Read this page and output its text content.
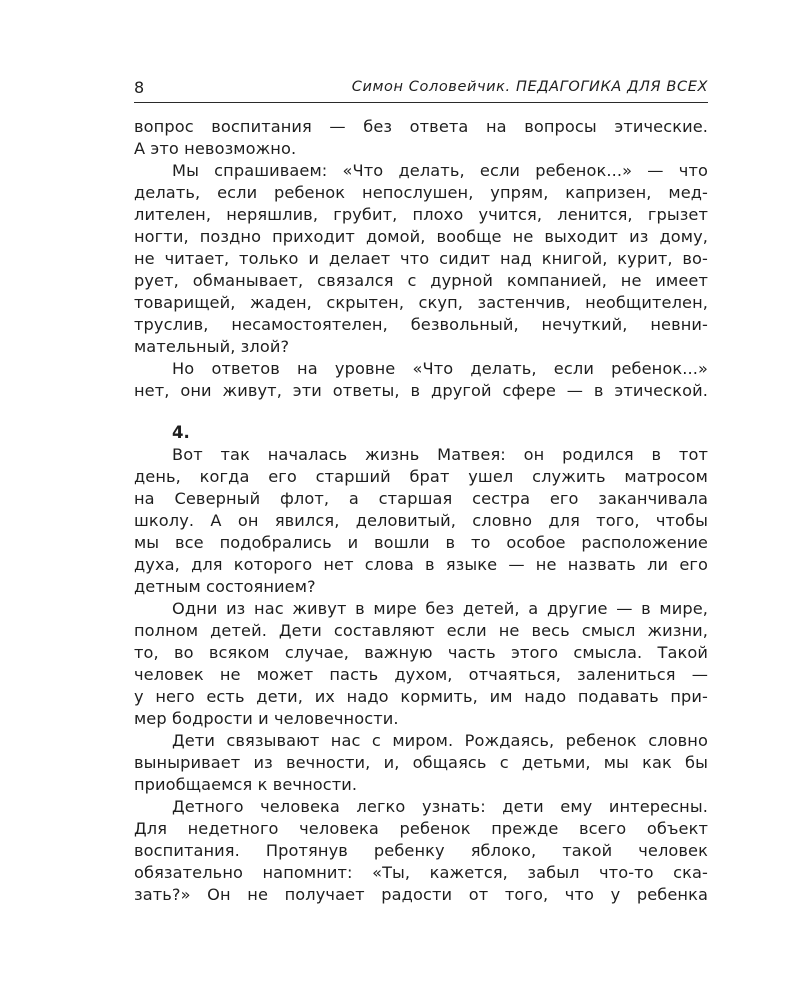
8	Симон Соловейчик. ПЕДАГОГИКА ДЛЯ ВСЕХ
вопрос воспитания — без ответа на вопросы этические.
А это невозможно.
Мы спрашиваем: «Что делать, если ребенок...» — что
делать, если ребенок непослушен, упрям, капризен, мед-
лителен, неряшлив, грубит, плохо учится, ленится, грызет
ногти, поздно приходит домой, вообще не выходит из дому,
не читает, только и делает что сидит над книгой, курит, во-
рует, обманывает, связался с дурной компанией, не имеет
товарищей, жаден, скрытен, скуп, застенчив, необщителен,
труслив, несамостоятелен, безвольный, нечуткий, невни-
мательный, злой?
Но ответов на уровне «Что делать, если ребенок...»
нет, они живут, эти ответы, в другой сфере — в этической.
4.
Вот так началась жизнь Матвея: он родился в тот
день, когда его старший брат ушел служить матросом
на Северный флот, а старшая сестра его заканчивала
школу. А он явился, деловитый, словно для того, чтобы
мы все подобрались и вошли в то особое расположение
духа, для которого нет слова в языке — не назвать ли его
детным состоянием?
Одни из нас живут в мире без детей, а другие — в мире,
полном детей. Дети составляют если не весь смысл жизни,
то, во всяком случае, важную часть этого смысла. Такой
человек не может пасть духом, отчаяться, залениться —
у него есть дети, их надо кормить, им надо подавать при-
мер бодрости и человечности.
Дети связывают нас с миром. Рождаясь, ребенок словно
выныривает из вечности, и, общаясь с детьми, мы как бы
приобщаемся к вечности.
Детного человека легко узнать: дети ему интересны.
Для недетного человека ребенок прежде всего объект
воспитания. Протянув ребенку яблоко, такой человек
обязательно напомнит: «Ты, кажется, забыл что-то ска-
зать?» Он не получает радости от того, что у ребенка
